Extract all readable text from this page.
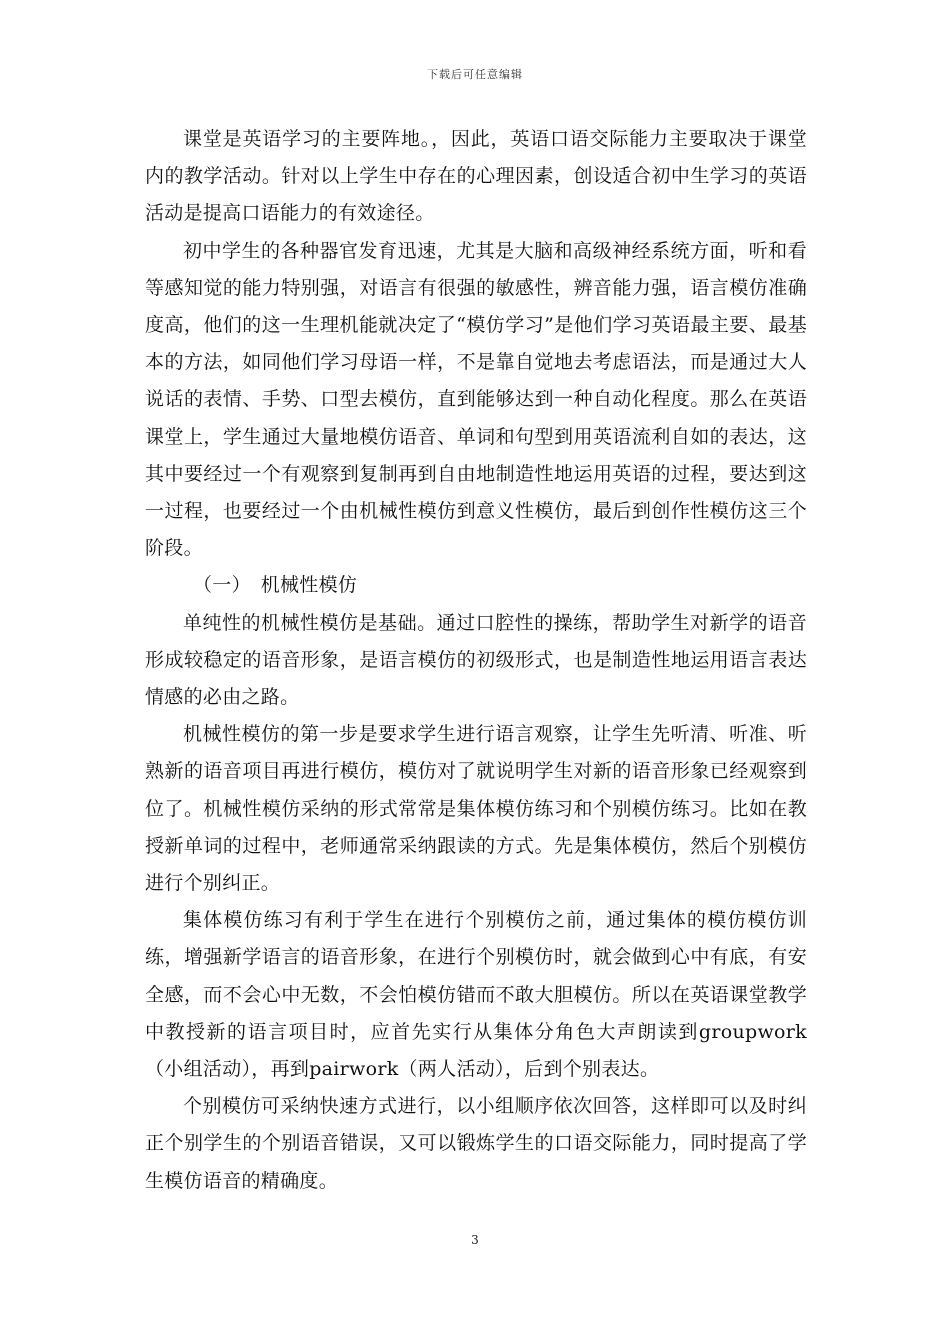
下载后可任意编辑

课堂是英语学习的主要阵地。，因此，英语口语交际能力主要取决于课堂内的教学活动。针对以上学生中存在的心理因素，创设适合初中生学习的英语活动是提高口语能力的有效途径。

初中学生的各种器官发育迅速，尤其是大脑和高级神经系统方面，听和看等感知觉的能力特别强，对语言有很强的敏感性，辨音能力强，语言模仿准确度高，他们的这一生理机能就决定了“模仿学习”是他们学习英语最主要、最基本的方法，如同他们学习母语一样，不是靠自觉地去考虑语法，而是通过大人说话的表情、手势、口型去模仿，直到能够达到一种自动化程度。那么在英语课堂上，学生通过大量地模仿语音、单词和句型到用英语流利自如的表达，这其中要经过一个有观察到复制再到自由地制造性地运用英语的过程，要达到这一过程，也要经过一个由机械性模仿到意义性模仿，最后到创作性模仿这三个阶段。

（一）　机械性模仿

单纯性的机械性模仿是基础。通过口腔性的操练，帮助学生对新学的语音形成较稳定的语音形象，是语言模仿的初级形式，也是制造性地运用语言表达情感的必由之路。

机械性模仿的第一步是要求学生进行语言观察，让学生先听清、听准、听熟新的语音项目再进行模仿，模仿对了就说明学生对新的语音形象已经观察到位了。机械性模仿采纳的形式常常是集体模仿练习和个别模仿练习。比如在教授新单词的过程中，老师通常采纳跟读的方式。先是集体模仿，然后个别模仿进行个别纠正。

集体模仿练习有利于学生在进行个别模仿之前，通过集体的模仿模仿训练，增强新学语言的语音形象，在进行个别模仿时，就会做到心中有底，有安全感，而不会心中无数，不会怕模仿错而不敢大胆模仿。所以在英语课堂教学中教授新的语言项目时，应首先实行从集体分角色大声朗读到groupwork（小组活动），再到pairwork（两人活动），后到个别表达。

个别模仿可采纳快速方式进行，以小组顺序依次回答，这样即可以及时纠正个别学生的个别语音错误，又可以锻炼学生的口语交际能力，同时提高了学生模仿语音的精确度。

3
